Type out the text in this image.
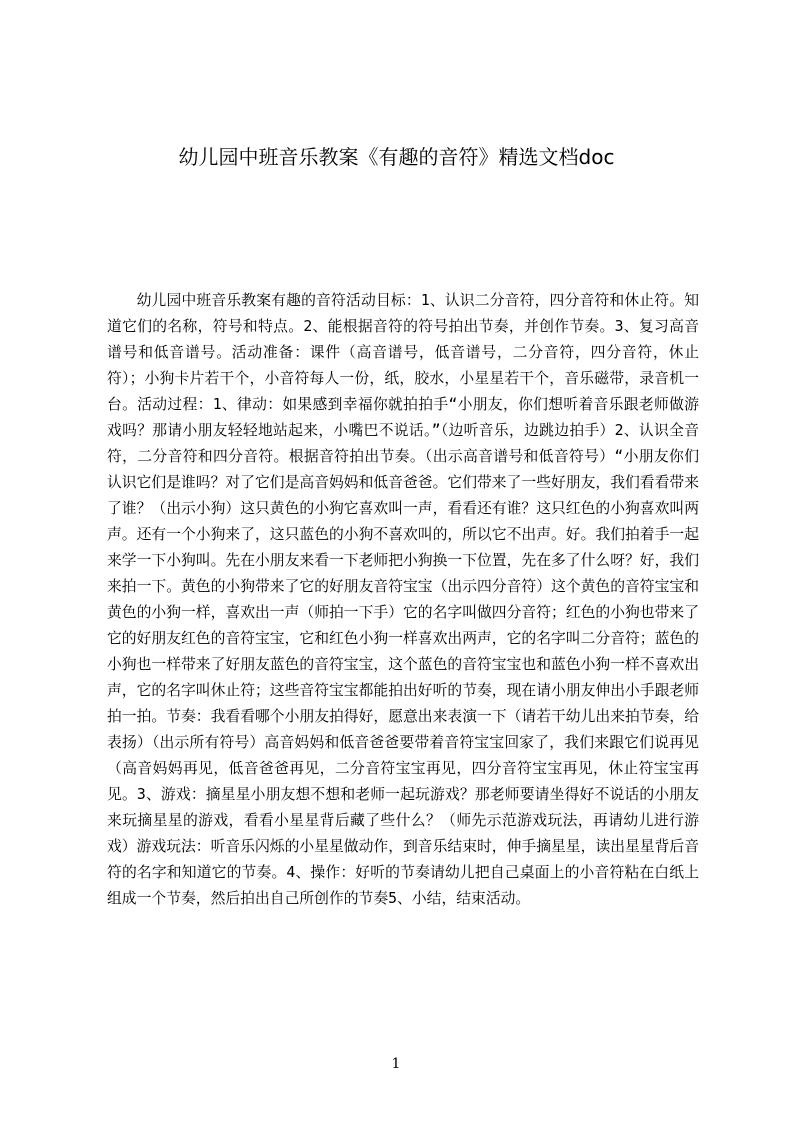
幼儿园中班音乐教案《有趣的音符》精选文档doc

幼儿园中班音乐教案有趣的音符活动目标：1、认识二分音符，四分音符和休止符。知道它们的名称，符号和特点。2、能根据音符的符号拍出节奏，并创作节奏。3、复习高音谱号和低音谱号。活动准备：课件（高音谱号，低音谱号，二分音符，四分音符，休止符）；小狗卡片若干个，小音符每人一份，纸，胶水，小星星若干个，音乐磁带，录音机一台。活动过程：1、律动：如果感到幸福你就拍拍手“小朋友，你们想听着音乐跟老师做游戏吗？那请小朋友轻轻地站起来，小嘴巴不说话。”（边听音乐，边跳边拍手）2、认识全音符，二分音符和四分音符。根据音符拍出节奏。（出示高音谱号和低音符号）“小朋友你们认识它们是谁吗？对了它们是高音妈妈和低音爸爸。它们带来了一些好朋友，我们看看带来了谁？（出示小狗）这只黄色的小狗它喜欢叫一声，看看还有谁？这只红色的小狗喜欢叫两声。还有一个小狗来了，这只蓝色的小狗不喜欢叫的，所以它不出声。好。我们拍着手一起来学一下小狗叫。先在小朋友来看一下老师把小狗换一下位置，先在多了什么呀？好，我们来拍一下。黄色的小狗带来了它的好朋友音符宝宝（出示四分音符）这个黄色的音符宝宝和黄色的小狗一样，喜欢出一声（师拍一下手）它的名字叫做四分音符；红色的小狗也带来了它的好朋友红色的音符宝宝，它和红色小狗一样喜欢出两声，它的名字叫二分音符；蓝色的小狗也一样带来了好朋友蓝色的音符宝宝，这个蓝色的音符宝宝也和蓝色小狗一样不喜欢出声，它的名字叫休止符；这些音符宝宝都能拍出好听的节奏，现在请小朋友伸出小手跟老师拍一拍。节奏：我看看哪个小朋友拍得好，愿意出来表演一下（请若干幼儿出来拍节奏，给表扬）（出示所有符号）高音妈妈和低音爸爸要带着音符宝宝回家了，我们来跟它们说再见（高音妈妈再见，低音爸爸再见，二分音符宝宝再见，四分音符宝宝再见，休止符宝宝再见。3、游戏：摘星星小朋友想不想和老师一起玩游戏？那老师要请坐得好不说话的小朋友来玩摘星星的游戏，看看小星星背后藏了些什么？（师先示范游戏玩法，再请幼儿进行游戏）游戏玩法：听音乐闪烁的小星星做动作，到音乐结束时，伸手摘星星，读出星星背后音符的名字和知道它的节奏。4、操作：好听的节奏请幼儿把自己桌面上的小音符粘在白纸上组成一个节奏，然后拍出自己所创作的节奏5、小结，结束活动。

1
